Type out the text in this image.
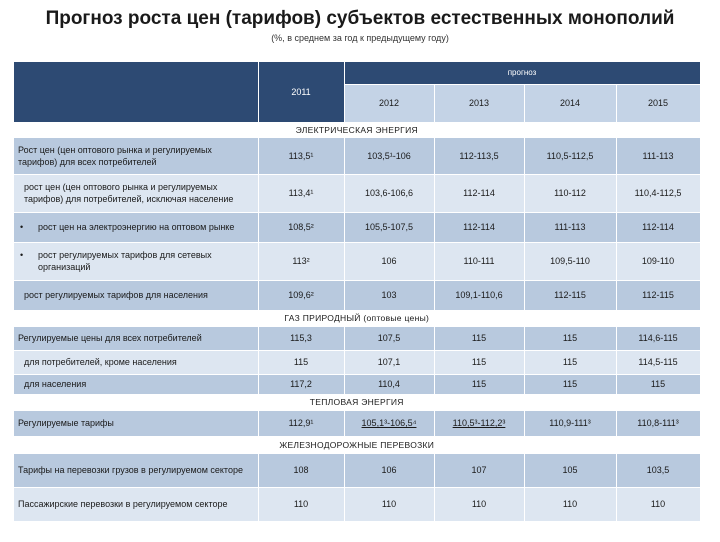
Прогноз роста цен (тарифов) субъектов естественных монополий
(%, в среднем за год к предыдущему году)
	2011	прогноз			
		2012	2013	2014	2015
ЭЛЕКТРИЧЕСКАЯ ЭНЕРГИЯ					
Рост цен (цен оптового рынка и регулируемых тарифов) для всех потребителей	113,5¹	103,5¹-106	112-113,5	110,5-112,5	111-113
рост цен (цен оптового рынка и регулируемых тарифов) для потребителей, исключая население	113,4¹	103,6-106,6	112-114	110-112	110,4-112,5
• рост цен на электроэнергию на оптовом рынке	108,5²	105,5-107,5	112-114	111-113	112-114
• рост регулируемых тарифов для сетевых организаций	113²	106	110-111	109,5-110	109-110
рост регулируемых тарифов для населения	109,6²	103	109,1-110,6	112-115	112-115
ГАЗ ПРИРОДНЫЙ (оптовые цены)					
Регулируемые цены для всех потребителей	115,3	107,5	115	115	114,6-115
для потребителей, кроме населения	115	107,1	115	115	114,5-115
для населения	117,2	110,4	115	115	115
ТЕПЛОВАЯ ЭНЕРГИЯ					
Регулируемые тарифы	112,9¹	105,1³-106,5⁴	110,5³-112,2³	110,9-111³	110,8-111³
ЖЕЛЕЗНОДОРОЖНЫЕ ПЕРЕВОЗКИ					
Тарифы на перевозки грузов в регулируемом секторе	108	106	107	105	103,5
Пассажирские перевозки в регулируемом секторе	110	110	110	110	110
